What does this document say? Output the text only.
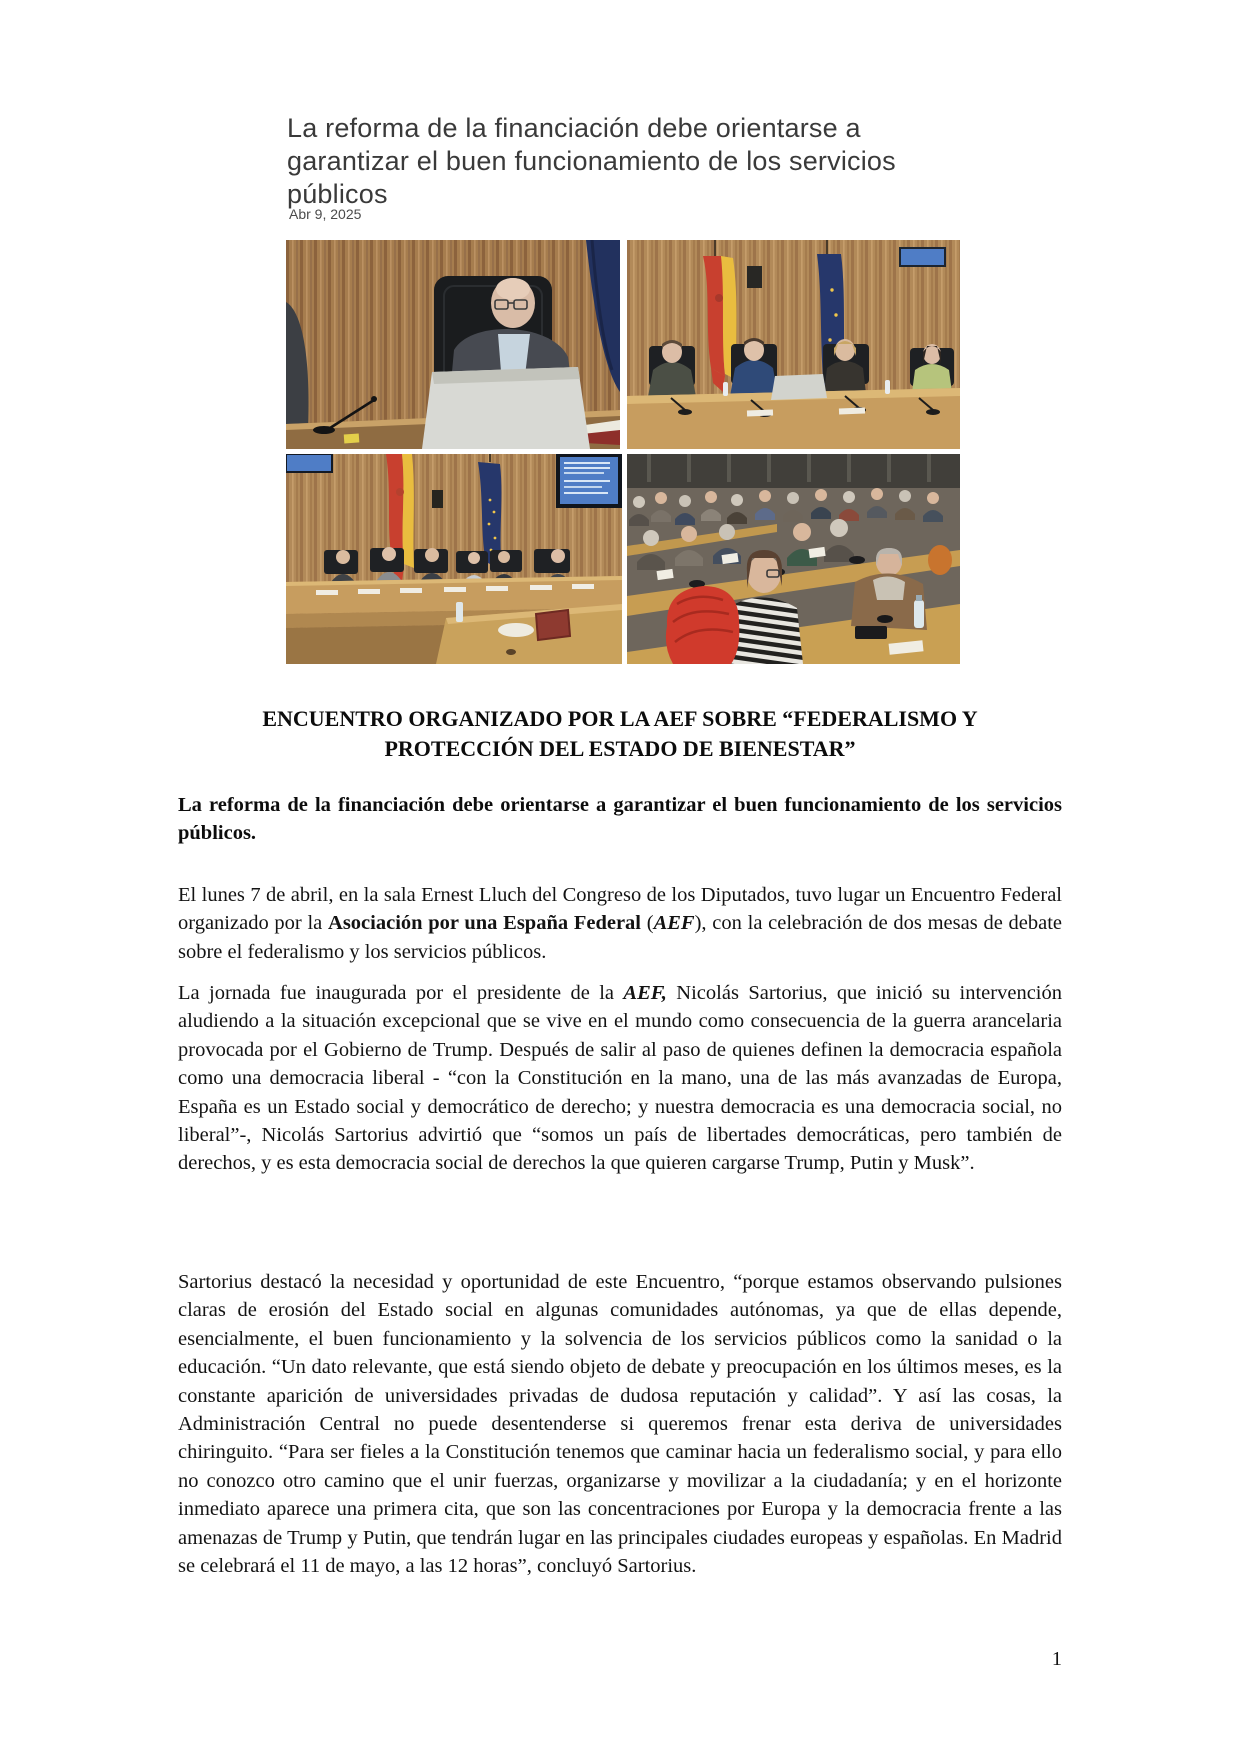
La reforma de la financiación debe orientarse a
garantizar el buen funcionamiento de los servicios
públicos
Abr 9, 2025
ENCUENTRO ORGANIZADO POR LA AEF SOBRE “FEDERALISMO Y
PROTECCIÓN DEL ESTADO DE BIENESTAR”
La reforma de la financiación debe orientarse a garantizar el buen funcionamiento de los servicios públicos.
El lunes 7 de abril, en la sala Ernest Lluch del Congreso de los Diputados, tuvo lugar un Encuentro Federal organizado por la Asociación por una España Federal (AEF), con la celebración de dos mesas de debate sobre el federalismo y los servicios públicos.
La jornada fue inaugurada por el presidente de la AEF, Nicolás Sartorius, que inició su intervención aludiendo a la situación excepcional que se vive en el mundo como consecuencia de la guerra arancelaria provocada por el Gobierno de Trump. Después de salir al paso de quienes definen la democracia española como una democracia liberal - “con la Constitución en la mano, una de las más avanzadas de Europa, España es un Estado social y democrático de derecho; y nuestra democracia es una democracia social, no liberal”-, Nicolás Sartorius advirtió que “somos un país de libertades democráticas, pero también de derechos, y es esta democracia social de derechos la que quieren cargarse Trump, Putin y Musk”.
Sartorius destacó la necesidad y oportunidad de este Encuentro, “porque estamos observando pulsiones claras de erosión del Estado social en algunas comunidades autónomas, ya que de ellas depende, esencialmente, el buen funcionamiento y la solvencia de los servicios públicos como la sanidad o la educación. “Un dato relevante, que está siendo objeto de debate y preocupación en los últimos meses, es la constante aparición de universidades privadas de dudosa reputación y calidad”. Y así las cosas, la Administración Central no puede desentenderse si queremos frenar esta deriva de universidades chiringuito. “Para ser fieles a la Constitución tenemos que caminar hacia un federalismo social, y para ello no conozco otro camino que el unir fuerzas, organizarse y movilizar a la ciudadanía; y en el horizonte inmediato aparece una primera cita, que son las concentraciones por Europa y la democracia frente a las amenazas de Trump y Putin, que tendrán lugar en las principales ciudades europeas y españolas. En Madrid se celebrará el 11 de mayo, a las 12 horas”, concluyó Sartorius.
1
